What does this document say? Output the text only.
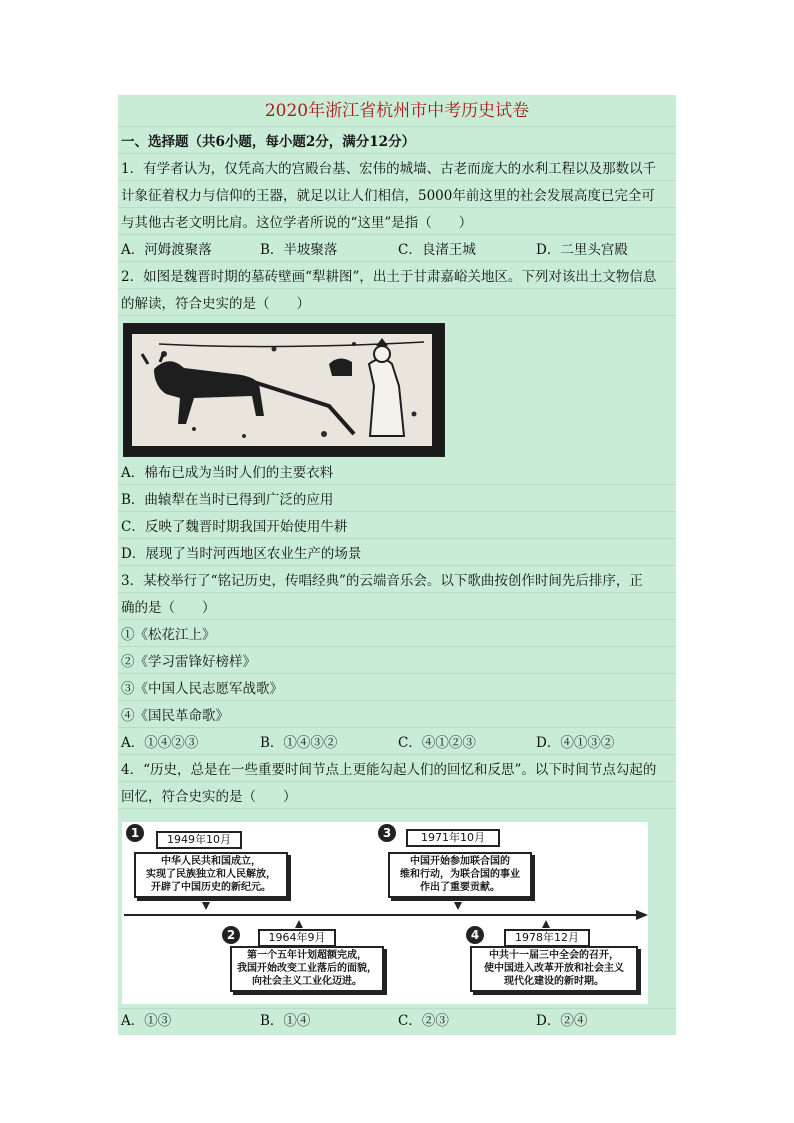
2020年浙江省杭州市中考历史试卷
一、选择题（共6小题，每小题2分，满分12分）
1．有学者认为，仅凭高大的宫殿台基、宏伟的城墙、古老而庞大的水利工程以及那数以千
计象征着权力与信仰的王器，就足以让人们相信，5000年前这里的社会发展高度已完全可
与其他古老文明比肩。这位学者所说的“这里”是指（　　）
A．河姆渡聚落	B．半坡聚落	C．良渚王城	D．二里头宫殿
2．如图是魏晋时期的墓砖壁画“犁耕图”，出土于甘肃嘉峪关地区。下列对该出土文物信息
的解读，符合史实的是（　　）
A．棉布已成为当时人们的主要衣料
B．曲辕犁在当时已得到广泛的应用
C．反映了魏晋时期我国开始使用牛耕
D．展现了当时河西地区农业生产的场景
3．某校举行了“铭记历史，传唱经典”的云端音乐会。以下歌曲按创作时间先后排序，正
确的是（　　）
①《松花江上》
②《学习雷锋好榜样》
③《中国人民志愿军战歌》
④《国民革命歌》
A．①④②③	B．①④③②	C．④①②③	D．④①③②
4．“历史，总是在一些重要时间节点上更能勾起人们的回忆和反思”。以下时间节点勾起的
回忆，符合史实的是（　　）
中华人民共和国成立，
实现了民族独立和人民解放，
开辟了中国历史的新纪元。
1949年10月
1
中国开始参加联合国的
维和行动，为联合国的事业
作出了重要贡献。
1971年10月
3
第一个五年计划超额完成，
我国开始改变工业落后的面貌，
向社会主义工业化迈进。
1964年9月
2
中共十一届三中全会的召开，
使中国进入改革开放和社会主义
现代化建设的新时期。
1978年12月
4
A．①③	B．①④	C．②③	D．②④
